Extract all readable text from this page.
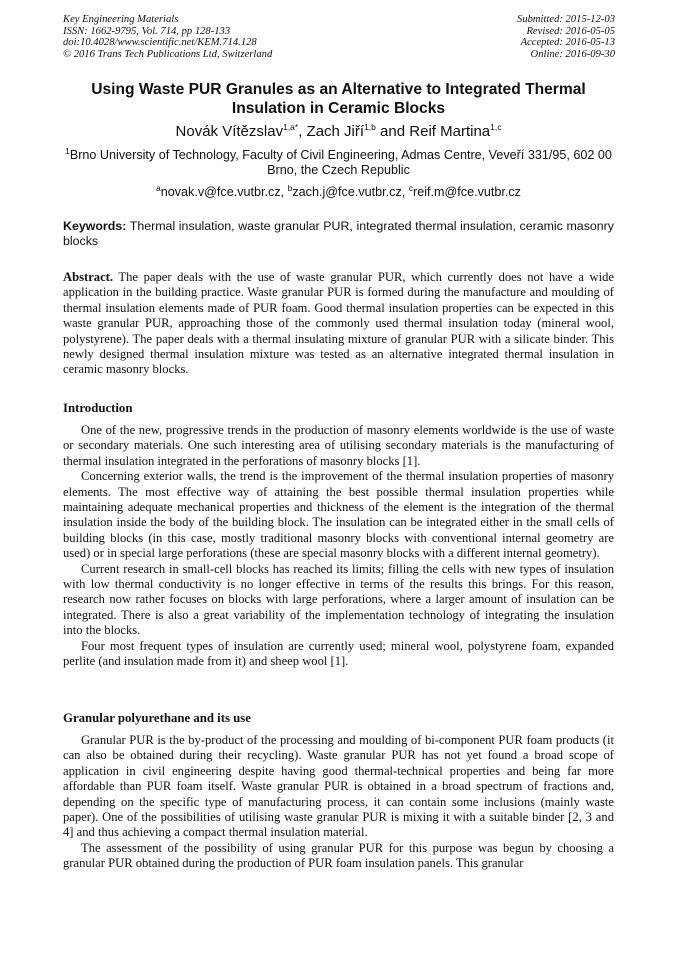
Key Engineering Materials
ISSN: 1662-9795, Vol. 714, pp 128-133
doi:10.4028/www.scientific.net/KEM.714.128
© 2016 Trans Tech Publications Ltd, Switzerland
Submitted: 2015-12-03
Revised: 2016-05-05
Accepted: 2016-05-13
Online: 2016-09-30
Using Waste PUR Granules as an Alternative to Integrated Thermal Insulation in Ceramic Blocks
Novák Vítězslav$^{1,a*}$, Zach Jiří$^{1,b}$ and Reif Martina$^{1,c}$
$^1$Brno University of Technology, Faculty of Civil Engineering, Admas Centre, Veveří 331/95, 602 00 Brno, the Czech Republic
$^a$novak.v@fce.vutbr.cz, $^b$zach.j@fce.vutbr.cz, $^c$reif.m@fce.vutbr.cz
Keywords: Thermal insulation, waste granular PUR, integrated thermal insulation, ceramic masonry blocks
Abstract. The paper deals with the use of waste granular PUR, which currently does not have a wide application in the building practice. Waste granular PUR is formed during the manufacture and moulding of thermal insulation elements made of PUR foam. Good thermal insulation properties can be expected in this waste granular PUR, approaching those of the commonly used thermal insulation today (mineral wool, polystyrene). The paper deals with a thermal insulating mixture of granular PUR with a silicate binder. This newly designed thermal insulation mixture was tested as an alternative integrated thermal insulation in ceramic masonry blocks.
Introduction

One of the new, progressive trends in the production of masonry elements worldwide is the use of waste or secondary materials. One such interesting area of utilising secondary materials is the manufacturing of thermal insulation integrated in the perforations of masonry blocks [1].

Concerning exterior walls, the trend is the improvement of the thermal insulation properties of masonry elements. The most effective way of attaining the best possible thermal insulation properties while maintaining adequate mechanical properties and thickness of the element is the integration of the thermal insulation inside the body of the building block. The insulation can be integrated either in the small cells of building blocks (in this case, mostly traditional masonry blocks with conventional internal geometry are used) or in special large perforations (these are special masonry blocks with a different internal geometry).

Current research in small-cell blocks has reached its limits; filling the cells with new types of insulation with low thermal conductivity is no longer effective in terms of the results this brings. For this reason, research now rather focuses on blocks with large perforations, where a larger amount of insulation can be integrated. There is also a great variability of the implementation technology of integrating the insulation into the blocks.

Four most frequent types of insulation are currently used; mineral wool, polystyrene foam, expanded perlite (and insulation made from it) and sheep wool [1].

Granular polyurethane and its use

Granular PUR is the by-product of the processing and moulding of bi-component PUR foam products (it can also be obtained during their recycling). Waste granular PUR has not yet found a broad scope of application in civil engineering despite having good thermal-technical properties and being far more affordable than PUR foam itself. Waste granular PUR is obtained in a broad spectrum of fractions and, depending on the specific type of manufacturing process, it can contain some inclusions (mainly waste paper). One of the possibilities of utilising waste granular PUR is mixing it with a suitable binder [2, 3 and 4] and thus achieving a compact thermal insulation material.

The assessment of the possibility of using granular PUR for this purpose was begun by choosing a granular PUR obtained during the production of PUR foam insulation panels. This granular
